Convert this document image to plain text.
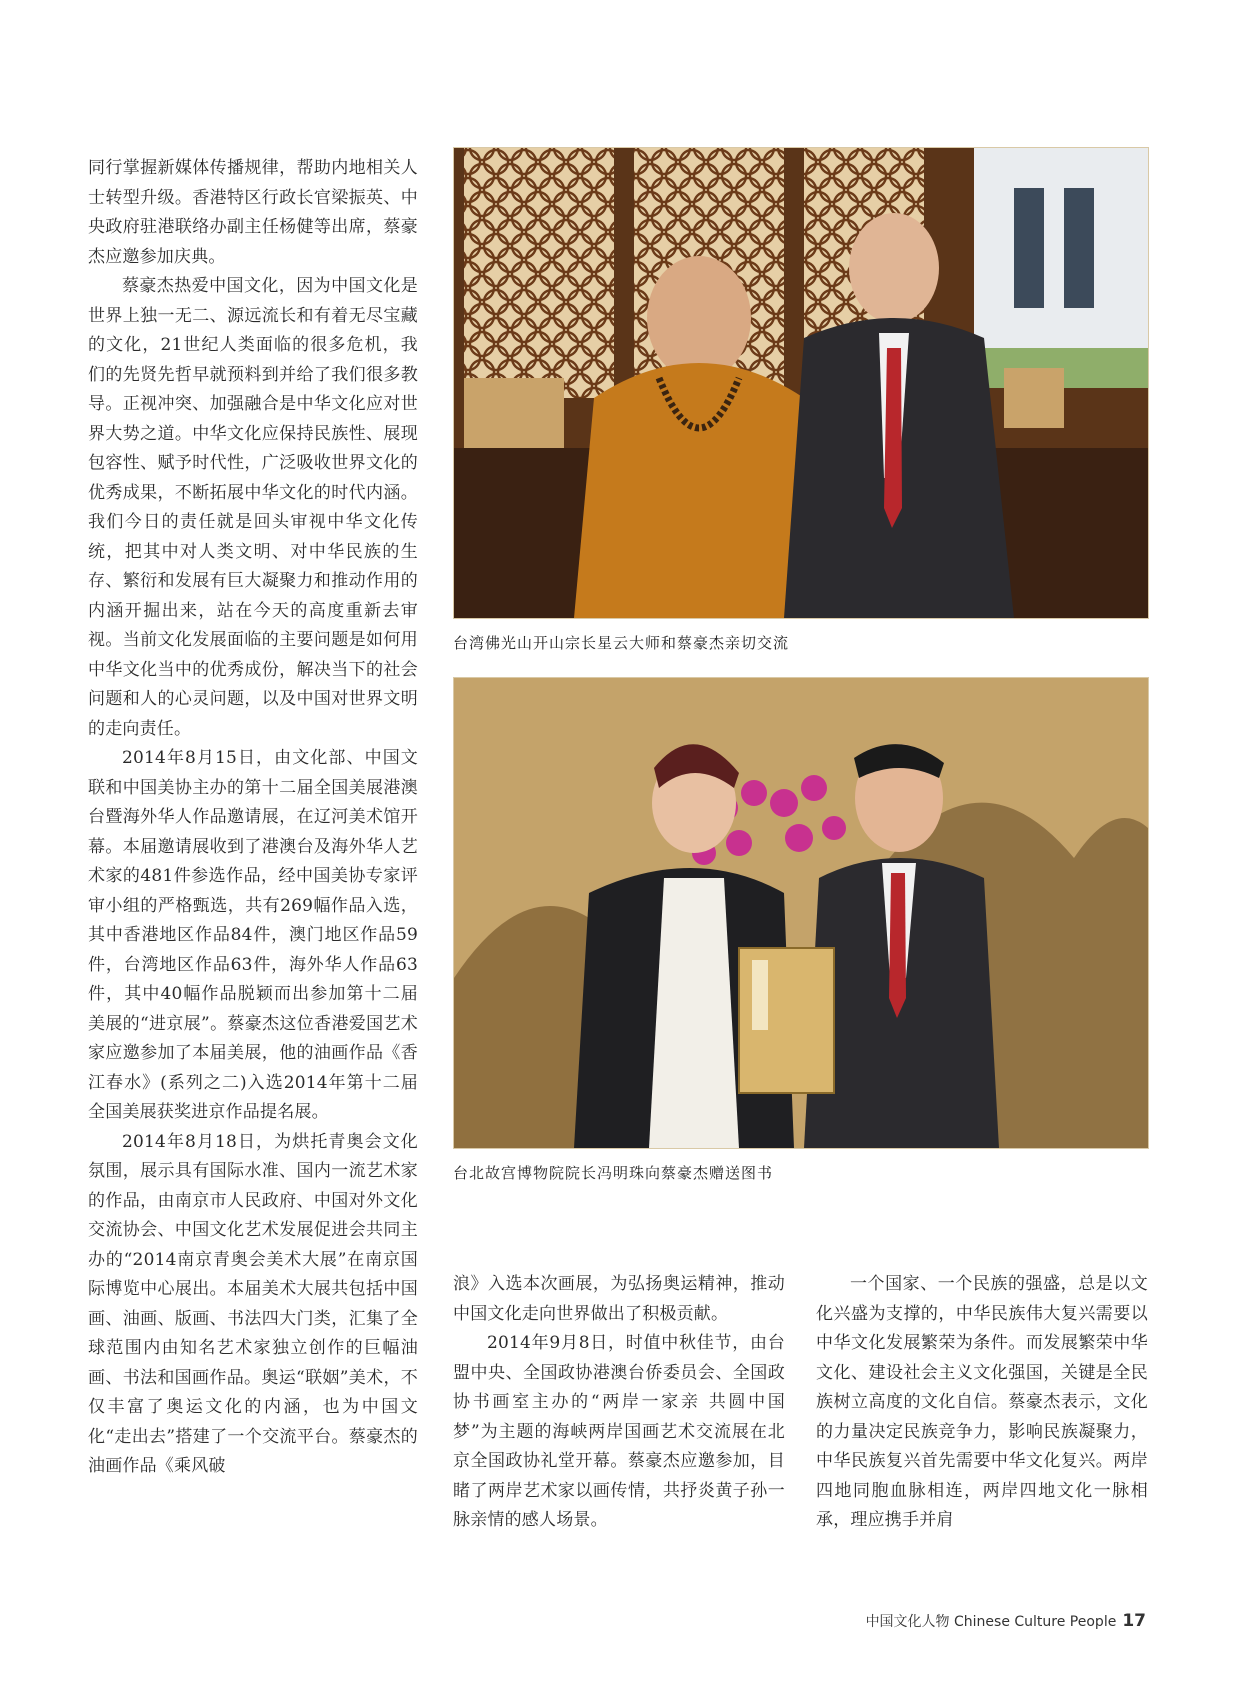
同行掌握新媒体传播规律，帮助内地相关人士转型升级。香港特区行政长官梁振英、中央政府驻港联络办副主任杨健等出席，蔡豪杰应邀参加庆典。

蔡豪杰热爱中国文化，因为中国文化是世界上独一无二、源远流长和有着无尽宝藏的文化，21世纪人类面临的很多危机，我们的先贤先哲早就预料到并给了我们很多教导。正视冲突、加强融合是中华文化应对世界大势之道。中华文化应保持民族性、展现包容性、赋予时代性，广泛吸收世界文化的优秀成果，不断拓展中华文化的时代内涵。我们今日的责任就是回头审视中华文化传统，把其中对人类文明、对中华民族的生存、繁衍和发展有巨大凝聚力和推动作用的内涵开掘出来，站在今天的高度重新去审视。当前文化发展面临的主要问题是如何用中华文化当中的优秀成份，解决当下的社会问题和人的心灵问题，以及中国对世界文明的走向责任。

2014年8月15日，由文化部、中国文联和中国美协主办的第十二届全国美展港澳台暨海外华人作品邀请展，在辽河美术馆开幕。本届邀请展收到了港澳台及海外华人艺术家的481件参选作品，经中国美协专家评审小组的严格甄选，共有269幅作品入选，其中香港地区作品84件，澳门地区作品59件，台湾地区作品63件，海外华人作品63件，其中40幅作品脱颖而出参加第十二届美展的“进京展”。蔡豪杰这位香港爱国艺术家应邀参加了本届美展，他的油画作品《香江春水》(系列之二)入选2014年第十二届全国美展获奖进京作品提名展。

2014年8月18日，为烘托青奥会文化氛围，展示具有国际水准、国内一流艺术家的作品，由南京市人民政府、中国对外文化交流协会、中国文化艺术发展促进会共同主办的“2014南京青奥会美术大展”在南京国际博览中心展出。本届美术大展共包括中国画、油画、版画、书法四大门类，汇集了全球范围内由知名艺术家独立创作的巨幅油画、书法和国画作品。奥运“联姻”美术，不仅丰富了奥运文化的内涵，也为中国文化“走出去”搭建了一个交流平台。蔡豪杰的油画作品《乘风破

台湾佛光山开山宗长星云大师和蔡豪杰亲切交流
台北故宫博物院院长冯明珠向蔡豪杰赠送图书

浪》入选本次画展，为弘扬奥运精神，推动中国文化走向世界做出了积极贡献。

2014年9月8日，时值中秋佳节，由台盟中央、全国政协港澳台侨委员会、全国政协书画室主办的“两岸一家亲 共圆中国梦”为主题的海峡两岸国画艺术交流展在北京全国政协礼堂开幕。蔡豪杰应邀参加，目睹了两岸艺术家以画传情，共抒炎黄子孙一脉亲情的感人场景。

一个国家、一个民族的强盛，总是以文化兴盛为支撑的，中华民族伟大复兴需要以中华文化发展繁荣为条件。而发展繁荣中华文化、建设社会主义文化强国，关键是全民族树立高度的文化自信。蔡豪杰表示，文化的力量决定民族竞争力，影响民族凝聚力，中华民族复兴首先需要中华文化复兴。两岸四地同胞血脉相连，两岸四地文化一脉相承，理应携手并肩

中国文化人物 Chinese Culture People 17
